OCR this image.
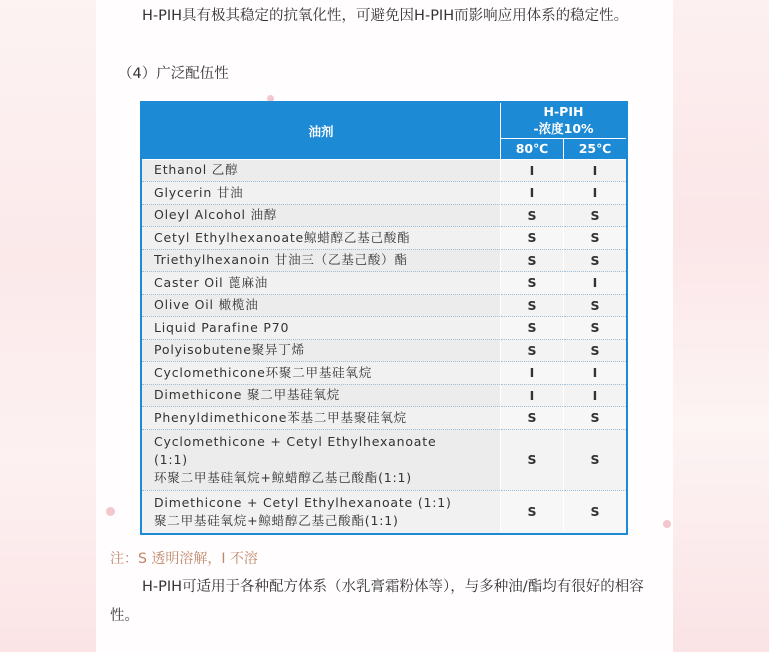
H-PIH具有极其稳定的抗氧化性，可避免因H-PIH而影响应用体系的稳定性。

（4）广泛配伍性
油剂	H-PIH
-浓度10%	

	80℃	25℃
Ethanol 乙醇	I	I
Glycerin 甘油	I	I
Oleyl Alcohol 油醇	S	S
Cetyl Ethylhexanoate鲸蜡醇乙基己酸酯	S	S
Triethylhexanoin 甘油三（乙基己酸）酯	S	S
Caster Oil 蓖麻油	S	I
Olive Oil 橄榄油	S	S
Liquid Parafine P70	S	S
Polyisobutene聚异丁烯	S	S
Cyclomethicone环聚二甲基硅氧烷	I	I
Dimethicone 聚二甲基硅氧烷	I	I
Phenyldimethicone苯基二甲基聚硅氧烷	S	S

Cyclomethicone + Cetyl Ethylhexanoate
(1:1)
环聚二甲基硅氧烷+鲸蜡醇乙基己酸酯(1:1)	S	S

Dimethicone + Cetyl Ethylhexanoate (1:1)
聚二甲基硅氧烷+鲸蜡醇乙基己酸酯(1:1)	S	S
注：S 透明溶解，I 不溶

H-PIH可适用于各种配方体系（水乳膏霜粉体等），与多种油/酯均有很好的相容性。
